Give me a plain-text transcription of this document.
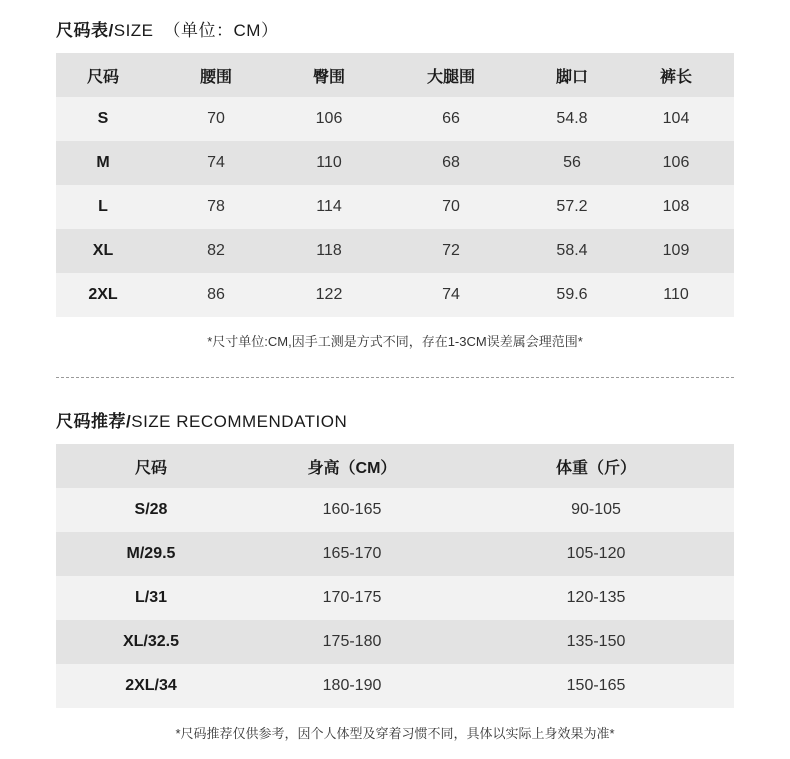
尺码表/SIZE （单位：CM）
尺码	腰围	臀围	大腿围	脚口	裤长
S	70	106	66	54.8	104
M	74	110	68	56	106
L	78	114	70	57.2	108
XL	82	118	72	58.4	109
2XL	86	122	74	59.6	110
*尺寸单位:CM,因手工测是方式不同，存在1-3CM误差属会理范围*
尺码推荐/SIZE RECOMMENDATION
尺码	身高（CM）	体重（斤）
S/28	160-165	90-105
M/29.5	165-170	105-120
L/31	170-175	120-135
XL/32.5	175-180	135-150
2XL/34	180-190	150-165
*尺码推荐仅供参考，因个人体型及穿着习惯不同，具体以实际上身效果为准*
